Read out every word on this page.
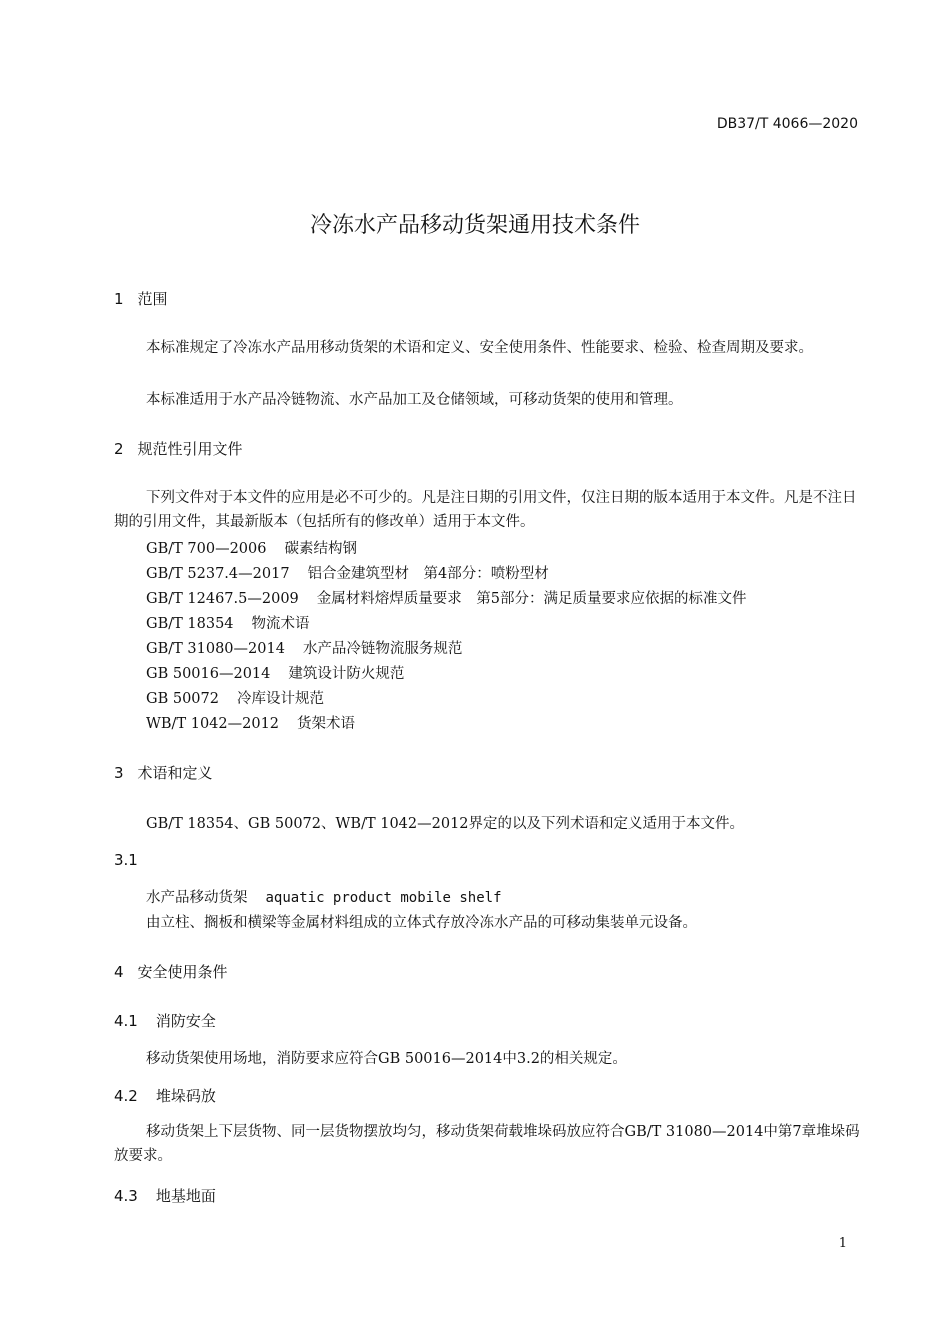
DB37/T 4066—2020
冷冻水产品移动货架通用技术条件
1 范围
本标准规定了冷冻水产品用移动货架的术语和定义、安全使用条件、性能要求、检验、检查周期及要求。
本标准适用于水产品冷链物流、水产品加工及仓储领域，可移动货架的使用和管理。
2 规范性引用文件
下列文件对于本文件的应用是必不可少的。凡是注日期的引用文件，仅注日期的版本适用于本文件。凡是不注日期的引用文件，其最新版本（包括所有的修改单）适用于本文件。
GB/T 700—2006 碳素结构钢
GB/T 5237.4—2017 铝合金建筑型材　第4部分：喷粉型材
GB/T 12467.5—2009 金属材料熔焊质量要求　第5部分：满足质量要求应依据的标准文件
GB/T 18354 物流术语
GB/T 31080—2014 水产品冷链物流服务规范
GB 50016—2014 建筑设计防火规范
GB 50072 冷库设计规范
WB/T 1042—2012 货架术语
3 术语和定义
GB/T 18354、GB 50072、WB/T 1042—2012界定的以及下列术语和定义适用于本文件。
3.1
水产品移动货架 aquatic product mobile shelf
由立柱、搁板和横梁等金属材料组成的立体式存放冷冻水产品的可移动集装单元设备。
4 安全使用条件
4.1 消防安全
移动货架使用场地，消防要求应符合GB 50016—2014中3.2的相关规定。
4.2 堆垛码放
移动货架上下层货物、同一层货物摆放均匀，移动货架荷载堆垛码放应符合GB/T 31080—2014中第7章堆垛码放要求。
4.3 地基地面
1
